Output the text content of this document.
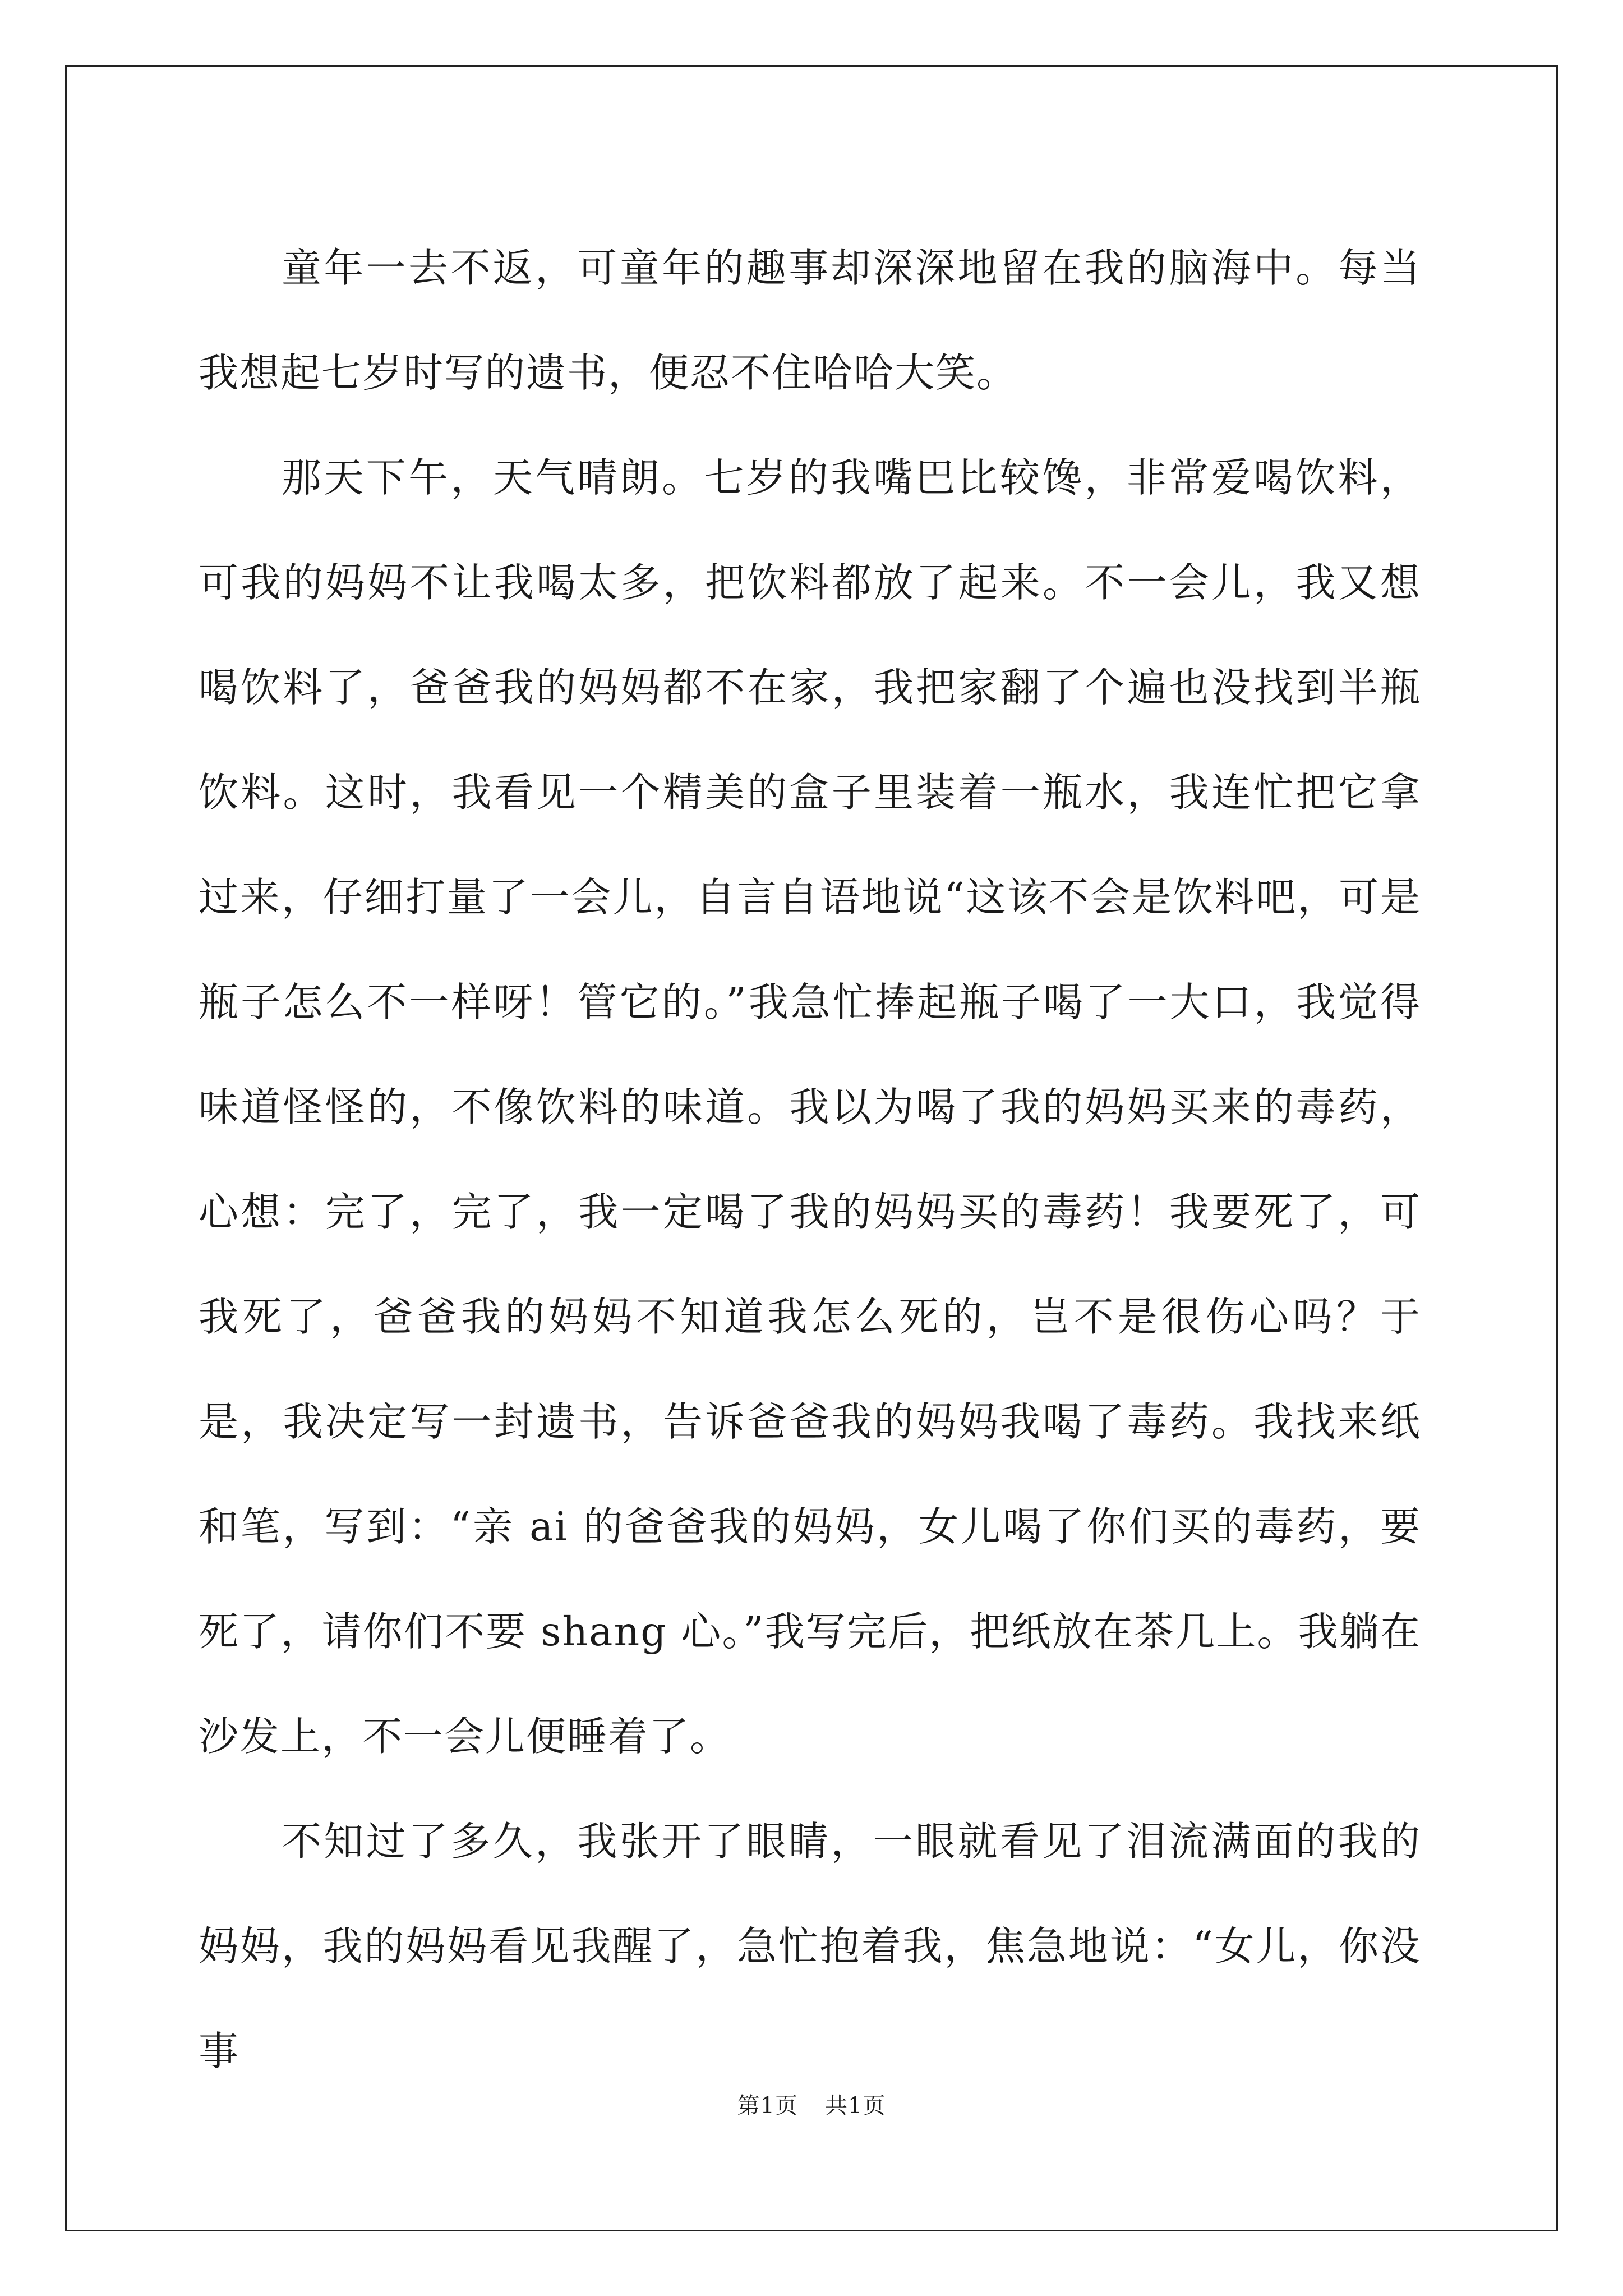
童年一去不返，可童年的趣事却深深地留在我的脑海中。每当我想起七岁时写的遗书，便忍不住哈哈大笑。

那天下午，天气晴朗。七岁的我嘴巴比较馋，非常爱喝饮料，可我的妈妈不让我喝太多，把饮料都放了起来。不一会儿，我又想喝饮料了，爸爸我的妈妈都不在家，我把家翻了个遍也没找到半瓶饮料。这时，我看见一个精美的盒子里装着一瓶水，我连忙把它拿过来，仔细打量了一会儿，自言自语地说“这该不会是饮料吧，可是瓶子怎么不一样呀！管它的。”我急忙捧起瓶子喝了一大口，我觉得味道怪怪的，不像饮料的味道。我以为喝了我的妈妈买来的毒药，心想：完了，完了，我一定喝了我的妈妈买的毒药！我要死了，可我死了，爸爸我的妈妈不知道我怎么死的，岂不是很伤心吗？于是，我决定写一封遗书，告诉爸爸我的妈妈我喝了毒药。我找来纸和笔，写到：“亲 ai 的爸爸我的妈妈，女儿喝了你们买的毒药，要死了，请你们不要 shang 心。”我写完后，把纸放在茶几上。我躺在沙发上，不一会儿便睡着了。

不知过了多久，我张开了眼睛，一眼就看见了泪流满面的我的妈妈，我的妈妈看见我醒了，急忙抱着我，焦急地说：“女儿，你没事

第1页 共1页
